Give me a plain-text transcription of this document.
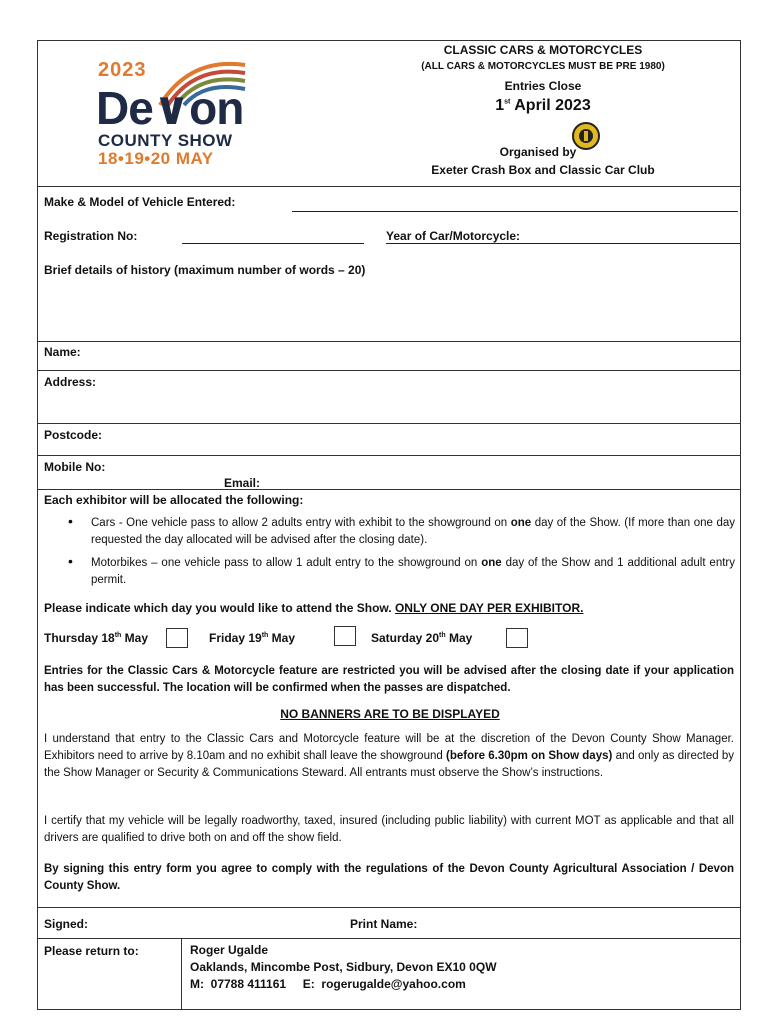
2023
De∨on
COUNTY SHOW
18•19•20 MAY
CLASSIC CARS & MOTORCYCLES
(ALL CARS & MOTORCYCLES MUST BE PRE 1980)
Entries Close
1st April 2023
Organised by
Exeter Crash Box and Classic Car Club
Make & Model of Vehicle Entered:
Registration No:	Year of Car/Motorcycle:
Brief details of history (maximum number of words – 20)
Name:
Address:
Postcode:
Mobile No:
Email:
Each exhibitor will be allocated the following:
• Cars - One vehicle pass to allow 2 adults entry with exhibit to the showground on one day of the Show. (If more than one day requested the day allocated will be advised after the closing date).
• Motorbikes – one vehicle pass to allow 1 adult entry to the showground on one day of the Show and 1 additional adult entry permit.
Please indicate which day you would like to attend the Show. ONLY ONE DAY PER EXHIBITOR.
Thursday 18th May	Friday 19th May	Saturday 20th May
Entries for the Classic Cars & Motorcycle feature are restricted you will be advised after the closing date if your application has been successful. The location will be confirmed when the passes are dispatched.
NO BANNERS ARE TO BE DISPLAYED
I understand that entry to the Classic Cars and Motorcycle feature will be at the discretion of the Devon County Show Manager. Exhibitors need to arrive by 8.10am and no exhibit shall leave the showground (before 6.30pm on Show days) and only as directed by the Show Manager or Security & Communications Steward. All entrants must observe the Show’s instructions.
I certify that my vehicle will be legally roadworthy, taxed, insured (including public liability) with current MOT as applicable and that all drivers are qualified to drive both on and off the show field.
By signing this entry form you agree to comply with the regulations of the Devon County Agricultural Association / Devon County Show.
Signed:	Print Name:
Please return to:	Roger Ugalde
Oaklands, Mincombe Post, Sidbury, Devon EX10 0QW
M:  07788 411161     E:  rogerugalde@yahoo.com
